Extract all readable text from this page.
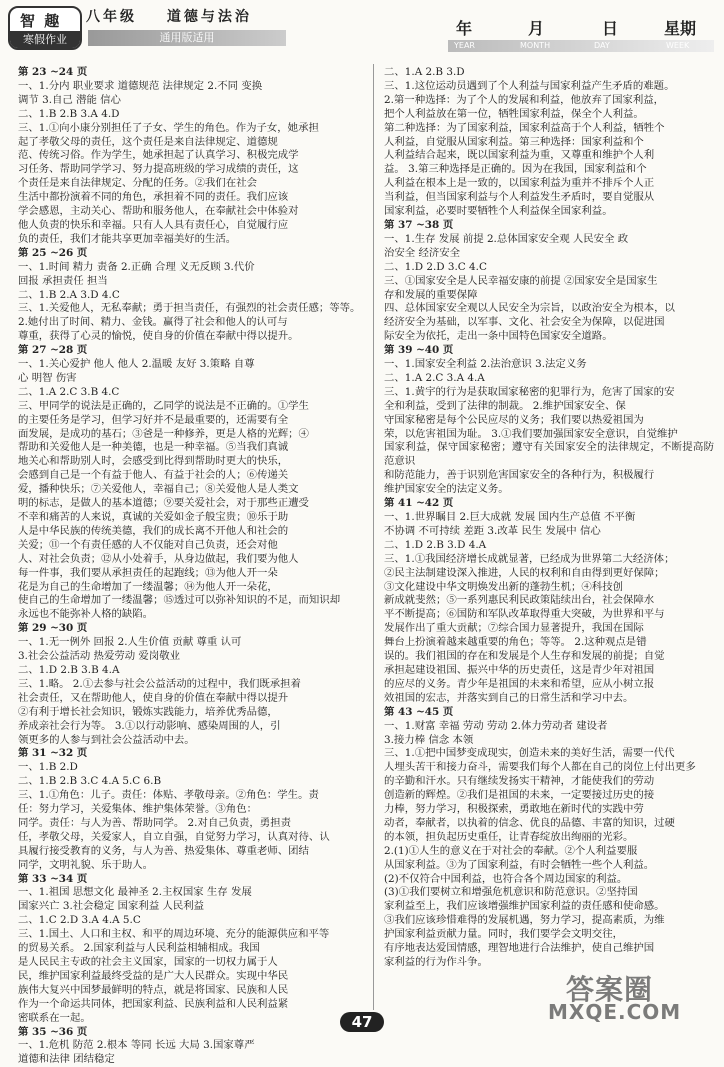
智 趣
寒假作业
八年级 道德与法治
通用版适用	年	月	日	星期
YEAR	MONTH	DAY	WEEK

第 23 ~24 页

一、1.分内 职业要求 道德规范 法律规定 2.不同 变换

调节 3.自己 潜能 信心

二、1.B 2.B 3.A 4.D

三、1.①向小康分别担任了子女、学生的角色。作为子女，她承担

起了孝敬父母的责任，这个责任是来自法律规定、道德规

范、传统习俗。作为学生，她承担起了认真学习、积极完成学

习任务、帮助同学学习、努力提高班级的学习成绩的责任，这

个责任是来自法律规定、分配的任务。②我们在社会

生活中都扮演着不同的角色，承担着不同的责任。我们应该

学会感恩，主动关心、帮助和服务他人，在奉献社会中体验对

他人负责的快乐和幸福。只有人人具有责任心，自觉履行应

负的责任，我们才能共享更加幸福美好的生活。

第 25 ~26 页

一、1.时间 精力 责备 2.正确 合理 义无反顾 3.代价

回报 承担责任 担当

二、1.B 2.A 3.D 4.C

三、1.关爱他人，无私奉献；勇于担当责任，有强烈的社会责任感；等等。

2.她付出了时间、精力、金钱。赢得了社会和他人的认可与

尊重，获得了心灵的愉悦，使自身的价值在奉献中得以提升。

第 27 ~28 页

一、1.关心爱护 他人 他人 2.温暖 友好 3.策略 自尊

心 明智 伤害

二、1.A 2.C 3.B 4.C

三、甲同学的说法是正确的，乙同学的说法是不正确的。①学生

的主要任务是学习，但学习好并不是最重要的，还需要有全

面发展，是成功的基石；③爸是一种修养，更是人格的光辉；④

帮助和关爱他人是一种美德，也是一种幸福。⑤当我们真诚

地关心和帮助别人时，会感受到比得到帮助时更大的快乐，

会感到自己是一个有益于他人、有益于社会的人；⑥传递关

爱，播种快乐；⑦关爱他人，幸福自己；⑧关爱他人是人类文

明的标志，是做人的基本道德；⑨要关爱社会，对于那些正遭受

不幸和痛苦的人来说，真诚的关爱如金子般宝贵；⑩乐于助

人是中华民族的传统美德，我们的成长离不开他人和社会的

关爱；⑪一个有责任感的人不仅能对自己负责，还会对他

人、对社会负责；⑫从小处着手，从身边做起，我们要为他人

每一件事，我们要从承担责任的起跑线；⑬为他人开一朵

花是为自己的生命增加了一缕温馨；⑭为他人开一朵花，

使自己的生命增加了一缕温馨；⑮透过可以弥补知识的不足，而知识却

永远也不能弥补人格的缺陷。

第 29 ~30 页

一、1.无一例外 回报 2.人生价值 贡献 尊重 认可

3.社会公益活动 热爱劳动 爱岗敬业

二、1.D 2.B 3.B 4.A

三、1.略。 2.①去参与社会公益活动的过程中，我们既承担着

社会责任，又在帮助他人，使自身的价值在奉献中得以提升

②有利于增长社会知识，锻炼实践能力，培养优秀品德，

养成亲社会行为等。 3.①以行动影响、感染周围的人，引

领更多的人参与到社会公益活动中去。

第 31 ~32 页

一、1.B 2.D

二、1.B 2.B 3.C 4.A 5.C 6.B

三、1.①角色：儿子。责任：体贴、孝敬母亲。②角色：学生。责

任：努力学习，关爱集体、维护集体荣誉。③角色：

同学。责任：与人为善、帮助同学。 2.对自己负责，勇担责

任，孝敬父母，关爱家人，自立自强，自觉努力学习，认真对待、认

具履行接受教育的义务，与人为善、热爱集体、尊重老师、团结

同学，文明礼貌、乐于助人。

第 33 ~34 页

一、1.祖国 思想文化 最神圣 2.主权国家 生存 发展

国家兴亡 3.社会稳定 国家利益 人民利益

二、1.C 2.D 3.A 4.A 5.C

三、1.国土、人口和主权、和平的周边环境、充分的能源供应和平等

的贸易关系。 2.国家利益与人民利益相辅相成。我国

是人民民主专政的社会主义国家，国家的一切权力属于人

民，维护国家利益最终受益的是广大人民群众。实现中华民

族伟大复兴中国梦最鲜明的特点，就是将国家、民族和人民

作为一个命运共同体，把国家利益、民族利益和人民利益紧

密联系在一起。

第 35 ~36 页

一、1.危机 防范 2.根本 等同 长远 大局 3.国家尊严

道德和法律 团结稳定

二、1.A 2.B 3.D

三、1.这位运动员遇到了个人利益与国家利益产生矛盾的难题。

2.第一种选择：为了个人的发展和利益，他放弃了国家利益，

把个人利益放在第一位，牺牲国家利益，保全个人利益。

第二种选择：为了国家利益，国家利益高于个人利益，牺牲个

人利益，自觉服从国家利益。第三种选择：国家利益和个

人利益结合起来，既以国家利益为重，又尊重和维护个人利

益。 3.第三种选择是正确的。因为在我国，国家利益和个

人利益在根本上是一致的，以国家利益为重并不排斥个人正

当利益，但当国家利益与个人利益发生矛盾时，要自觉服从

国家利益，必要时要牺牲个人利益保全国家利益。

第 37 ~38 页

一、1.生存 发展 前提 2.总体国家安全观 人民安全 政

治安全 经济安全

二、1.D 2.D 3.C 4.C

三、①国家安全是人民幸福安康的前提 ②国家安全是国家生

存和发展的重要保障

四、总体国家安全观以人民安全为宗旨，以政治安全为根本，以

经济安全为基础，以军事、文化、社会安全为保障，以促进国

际安全为依托，走出一条中国特色国家安全道路。

第 39 ~40 页

一、1.国家安全利益 2.法治意识 3.法定义务

二、1.A 2.C 3.A 4.A

三、1.黄宇的行为是获取国家秘密的犯罪行为，危害了国家的安

全和利益，受到了法律的制裁。 2.维护国家安全、保

守国家秘密是每个公民应尽的义务；我们要以热爱祖国为

荣，以危害祖国为耻。 3.①我们要加强国家安全意识，自觉维护

国家利益，保守国家秘密；遵守有关国家安全的法律规定，不断提高防范意识

和防范能力，善于识别危害国家安全的各种行为，积极履行

维护国家安全的法定义务。

第 41 ~42 页

一、1.世界瞩目 2.巨大成就 发展 国内生产总值 不平衡

不协调 不可持续 差距 3.改革 民生 发展中 信心

二、1.D 2.B 3.D 4.A

三、1.①我国经济增长成就显著，已经成为世界第二大经济体；

②民主法制建设深入推进，人民的权利和自由得到更好保障；

③文化建设中华文明焕发出新的蓬勃生机；④科技创

新成就斐然；⑤一系列惠民利民政策陆续出台，社会保障水

平不断提高；⑥国防和军队改革取得重大突破，为世界和平与

发展作出了重大贡献；⑦综合国力显著提升，我国在国际

舞台上扮演着越来越重要的角色；等等。 2.这种观点是错

误的。我们祖国的存在和发展是个人生存和发展的前提；自觉

承担起建设祖国、振兴中华的历史责任，这是青少年对祖国

的应尽的义务。青少年是祖国的未来和希望，应从小树立报

效祖国的宏志，并落实到自己的日常生活和学习中去。

第 43 ~45 页

一、1.财富 幸福 劳动 劳动 2.体力劳动者 建设者

3.接力棒 信念 本领

三、1.①把中国梦变成现实，创造未来的美好生活，需要一代代

人埋头苦干和接力奋斗，需要我们每个人都在自己的岗位上付出更多

的辛勤和汗水。只有继续发扬实干精神，才能使我们的劳动

创造新的辉煌。②我们是祖国的未来，一定要接过历史的接

力棒，努力学习，积极探索，勇敢地在新时代的实践中劳

动者，奉献者，以执着的信念、优良的品德、丰富的知识，过硬

的本领，担负起历史重任，让青春绽放出绚丽的光彩。

2.(1)①人生的意义在于对社会的奉献。②个人利益要服

从国家利益。③为了国家利益，有时会牺牲一些个人利益。

(2)不仅符合中国利益，也符合各个周边国家的利益。

(3)①我们要树立和增强危机意识和防范意识。②坚持国

家利益至上，我们应该增强维护国家利益的责任感和使命感。

③我们应该珍惜难得的发展机遇，努力学习，提高素质，为维

护国家利益贡献力量。同时，我们要学会文明交往，

有序地表达爱国情感，理智地进行合法维护，使自己维护国

家利益的行为作斗争。

47
答案圈
MXQE.COM
